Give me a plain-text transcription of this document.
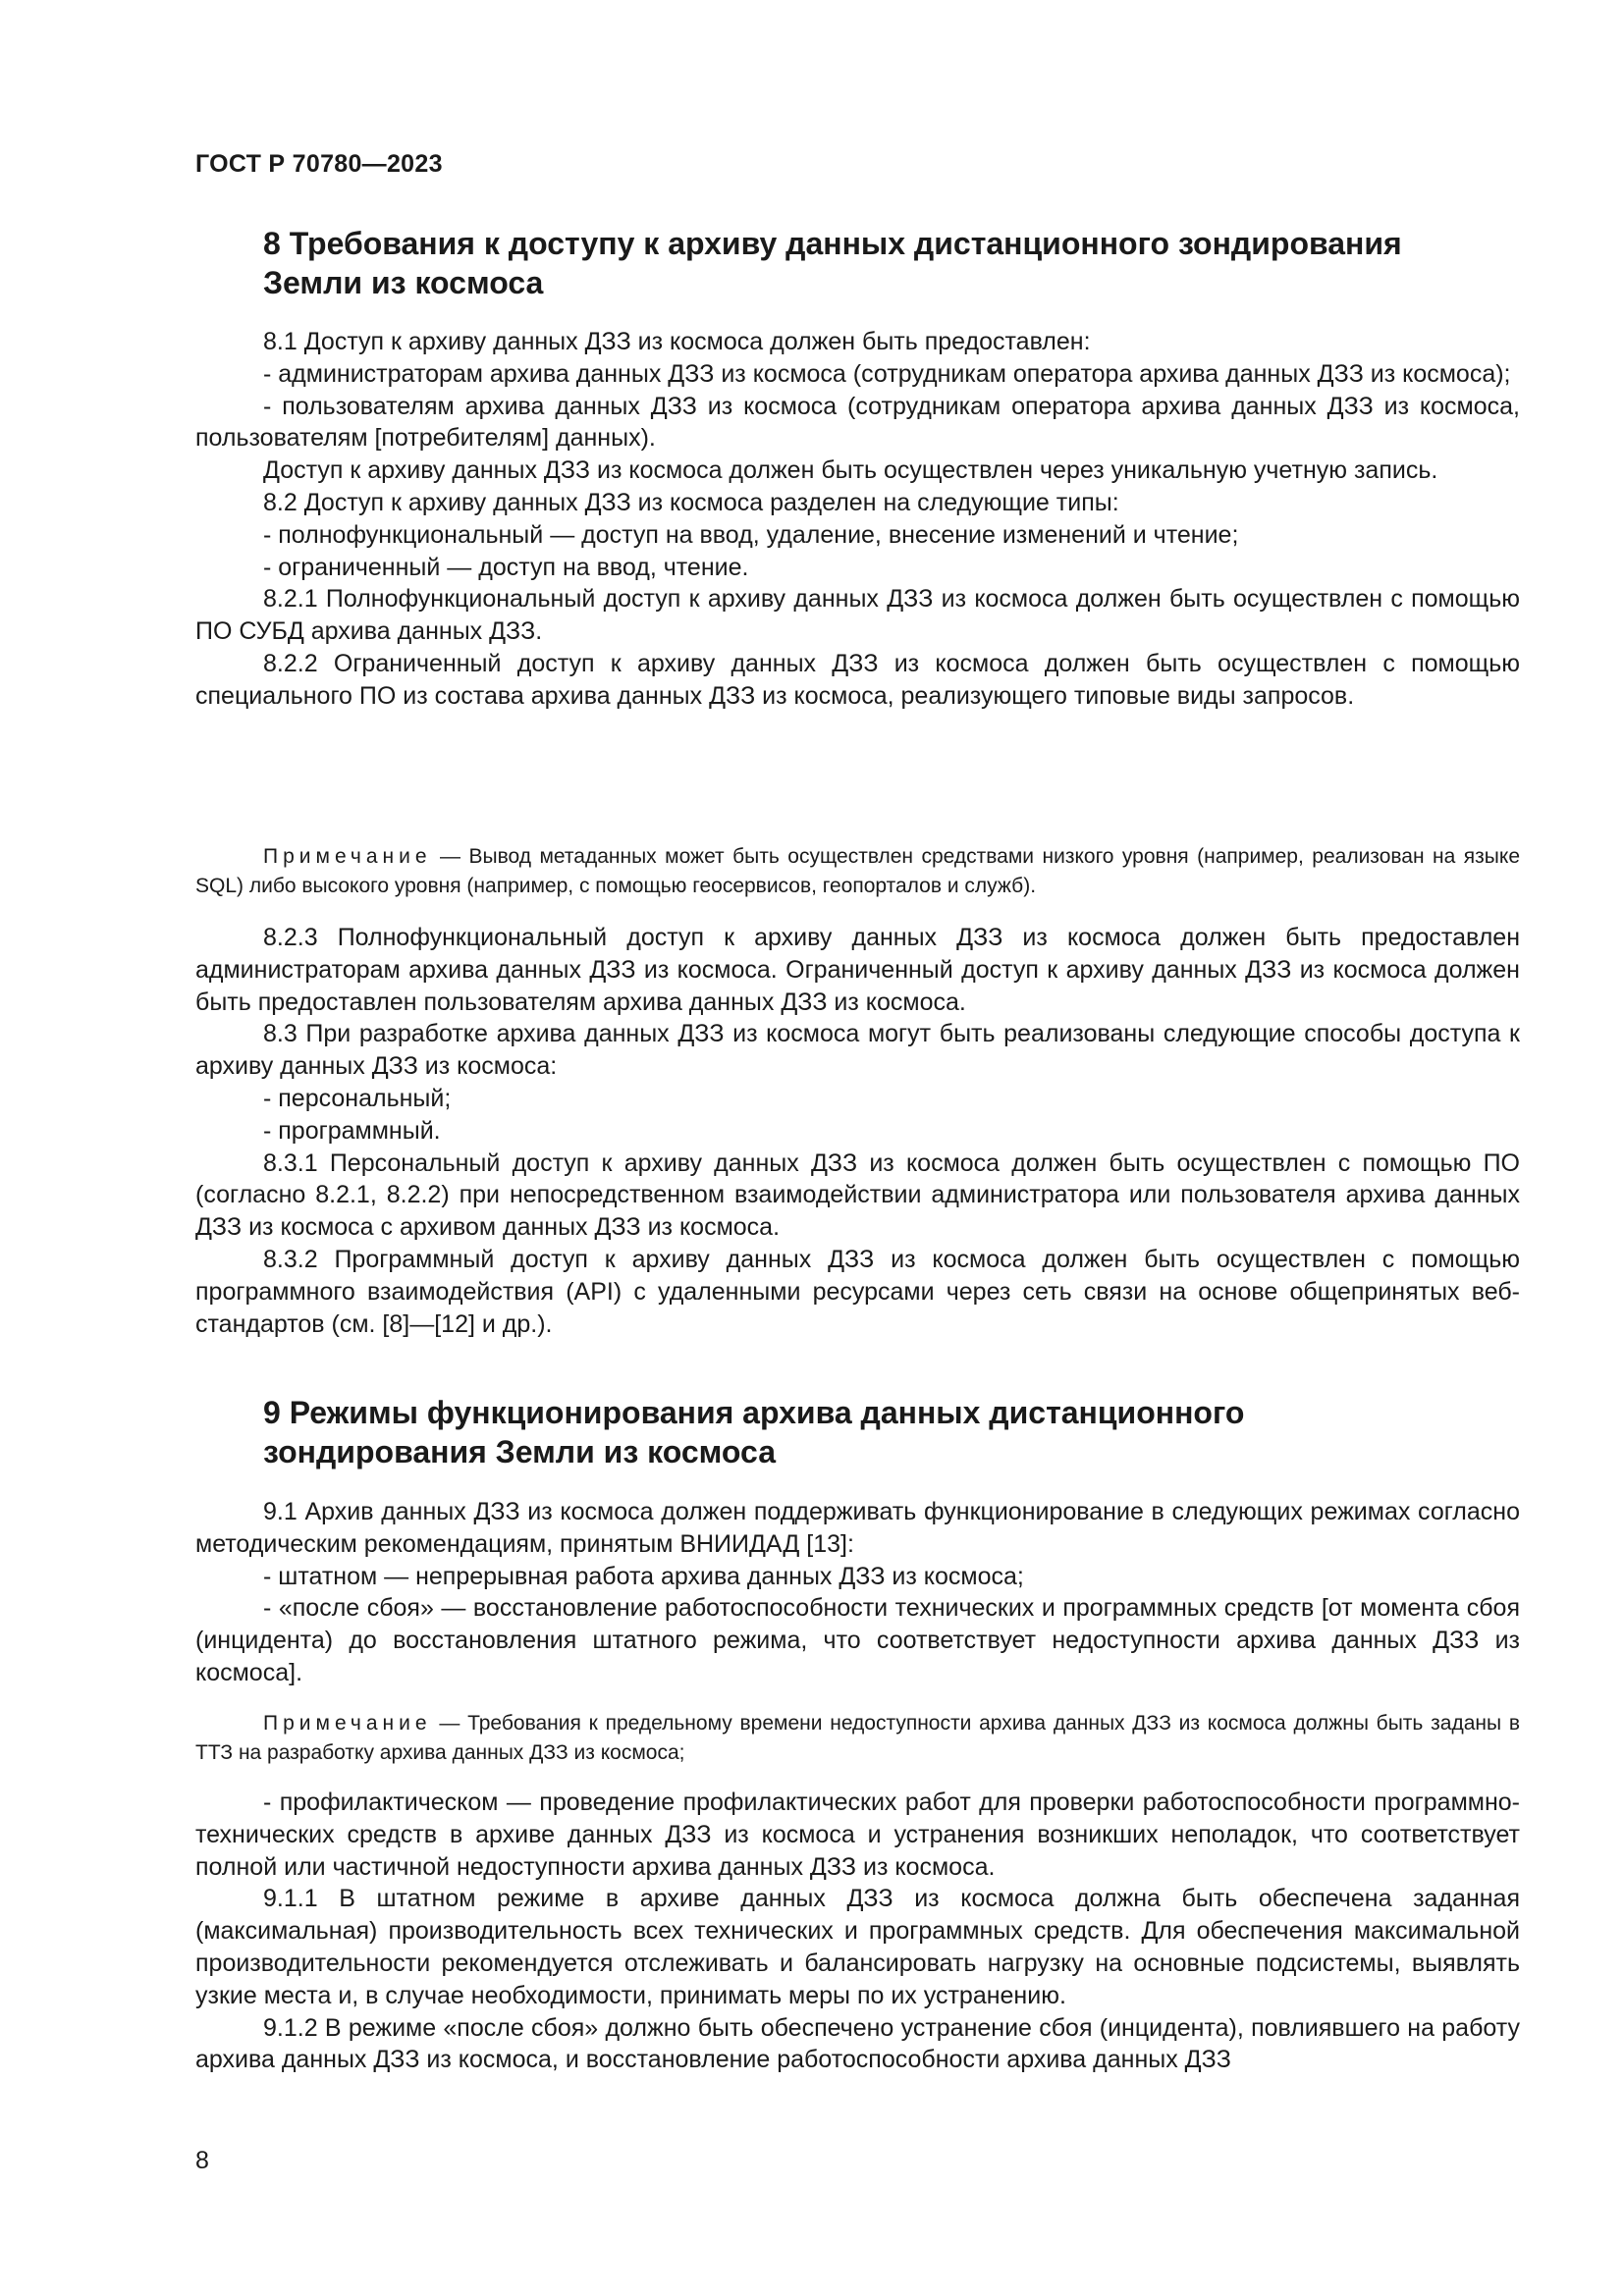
ГОСТ Р 70780—2023
8 Требования к доступу к архиву данных дистанционного зондирования
Земли из космоса

8.1 Доступ к архиву данных ДЗЗ из космоса должен быть предоставлен:

- администраторам архива данных ДЗЗ из космоса (сотрудникам оператора архива данных ДЗЗ из космоса);

- пользователям архива данных ДЗЗ из космоса (сотрудникам оператора архива данных ДЗЗ из космоса, пользователям [потребителям] данных).

Доступ к архиву данных ДЗЗ из космоса должен быть осуществлен через уникальную учетную запись.

8.2 Доступ к архиву данных ДЗЗ из космоса разделен на следующие типы:

- полнофункциональный — доступ на ввод, удаление, внесение изменений и чтение;

- ограниченный — доступ на ввод, чтение.

8.2.1 Полнофункциональный доступ к архиву данных ДЗЗ из космоса должен быть осуществлен с помощью ПО СУБД архива данных ДЗЗ.

8.2.2 Ограниченный доступ к архиву данных ДЗЗ из космоса должен быть осуществлен с помощью специального ПО из состава архива данных ДЗЗ из космоса, реализующего типовые виды запросов.

Примечание — Вывод метаданных может быть осуществлен средствами низкого уровня (например, реализован на языке SQL) либо высокого уровня (например, с помощью геосервисов, геопорталов и служб).

8.2.3 Полнофункциональный доступ к архиву данных ДЗЗ из космоса должен быть предоставлен администраторам архива данных ДЗЗ из космоса. Ограниченный доступ к архиву данных ДЗЗ из космоса должен быть предоставлен пользователям архива данных ДЗЗ из космоса.

8.3 При разработке архива данных ДЗЗ из космоса могут быть реализованы следующие способы доступа к архиву данных ДЗЗ из космоса:

- персональный;

- программный.

8.3.1 Персональный доступ к архиву данных ДЗЗ из космоса должен быть осуществлен с помощью ПО (согласно 8.2.1, 8.2.2) при непосредственном взаимодействии администратора или пользователя архива данных ДЗЗ из космоса с архивом данных ДЗЗ из космоса.

8.3.2 Программный доступ к архиву данных ДЗЗ из космоса должен быть осуществлен с помощью программного взаимодействия (API) с удаленными ресурсами через сеть связи на основе общепринятых веб-стандартов (см. [8]—[12] и др.).

9 Режимы функционирования архива данных дистанционного
зондирования Земли из космоса

9.1 Архив данных ДЗЗ из космоса должен поддерживать функционирование в следующих режимах согласно методическим рекомендациям, принятым ВНИИДАД [13]:

- штатном — непрерывная работа архива данных ДЗЗ из космоса;

- «после сбоя» — восстановление работоспособности технических и программных средств [от момента сбоя (инцидента) до восстановления штатного режима, что соответствует недоступности архива данных ДЗЗ из космоса].

Примечание — Требования к предельному времени недоступности архива данных ДЗЗ из космоса должны быть заданы в ТТЗ на разработку архива данных ДЗЗ из космоса;

- профилактическом — проведение профилактических работ для проверки работоспособности программно-технических средств в архиве данных ДЗЗ из космоса и устранения возникших неполадок, что соответствует полной или частичной недоступности архива данных ДЗЗ из космоса.

9.1.1 В штатном режиме в архиве данных ДЗЗ из космоса должна быть обеспечена заданная (максимальная) производительность всех технических и программных средств. Для обеспечения максимальной производительности рекомендуется отслеживать и балансировать нагрузку на основные подсистемы, выявлять узкие места и, в случае необходимости, принимать меры по их устранению.

9.1.2 В режиме «после сбоя» должно быть обеспечено устранение сбоя (инцидента), повлиявшего на работу архива данных ДЗЗ из космоса, и восстановление работоспособности архива данных ДЗЗ

8
